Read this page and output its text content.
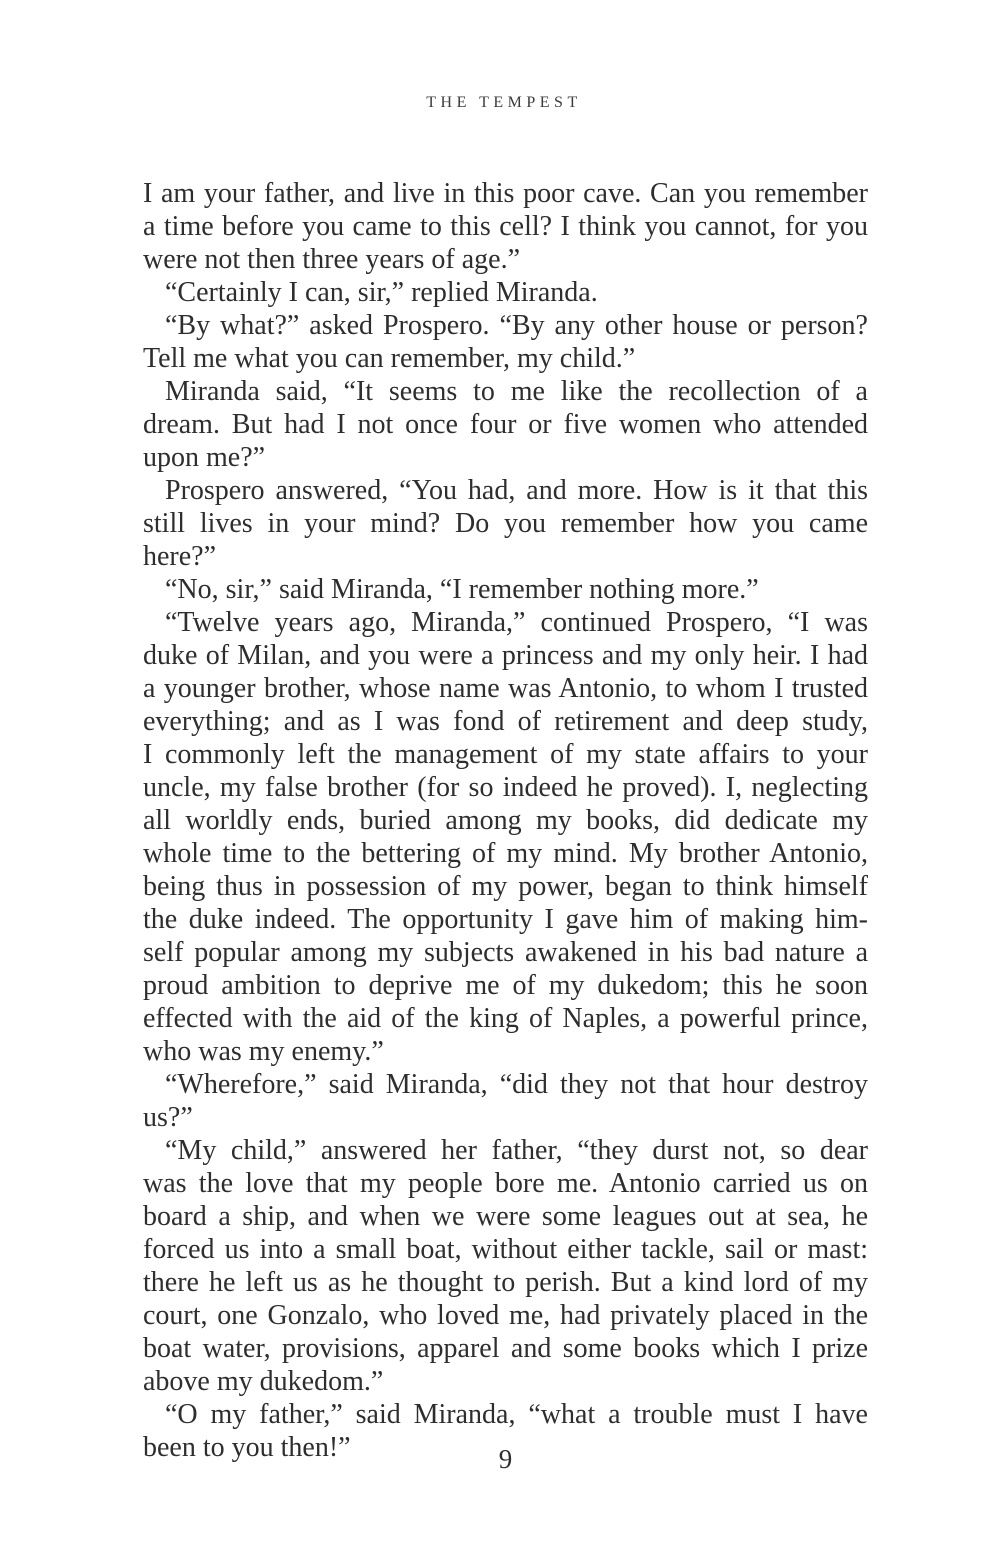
THE TEMPEST
I am your father, and live in this poor cave. Can you remember
a time before you came to this cell? I think you cannot, for you
were not then three years of age.”
“Certainly I can, sir,” replied Miranda.
“By what?” asked Prospero. “By any other house or person?
Tell me what you can remember, my child.”
Miranda said, “It seems to me like the recollection of a
dream. But had I not once four or five women who attended
upon me?”
Prospero answered, “You had, and more. How is it that this
still lives in your mind? Do you remember how you came here?”
“No, sir,” said Miranda, “I remember nothing more.”
“Twelve years ago, Miranda,” continued Prospero, “I was
duke of Milan, and you were a princess and my only heir. I had
a younger brother, whose name was Antonio, to whom I trusted
everything; and as I was fond of retirement and deep study,
I commonly left the management of my state affairs to your
uncle, my false brother (for so indeed he proved). I, neglecting
all worldly ends, buried among my books, did dedicate my
whole time to the bettering of my mind. My brother Antonio,
being thus in possession of my power, began to think himself
the duke indeed. The opportunity I gave him of making him-
self popular among my subjects awakened in his bad nature a
proud ambition to deprive me of my dukedom; this he soon
effected with the aid of the king of Naples, a powerful prince,
who was my enemy.”
“Wherefore,” said Miranda, “did they not that hour destroy us?”
“My child,” answered her father, “they durst not, so dear
was the love that my people bore me. Antonio carried us on
board a ship, and when we were some leagues out at sea, he
forced us into a small boat, without either tackle, sail or mast:
there he left us as he thought to perish. But a kind lord of my
court, one Gonzalo, who loved me, had privately placed in the
boat water, provisions, apparel and some books which I prize
above my dukedom.”
“O my father,” said Miranda, “what a trouble must I have
been to you then!”	9
